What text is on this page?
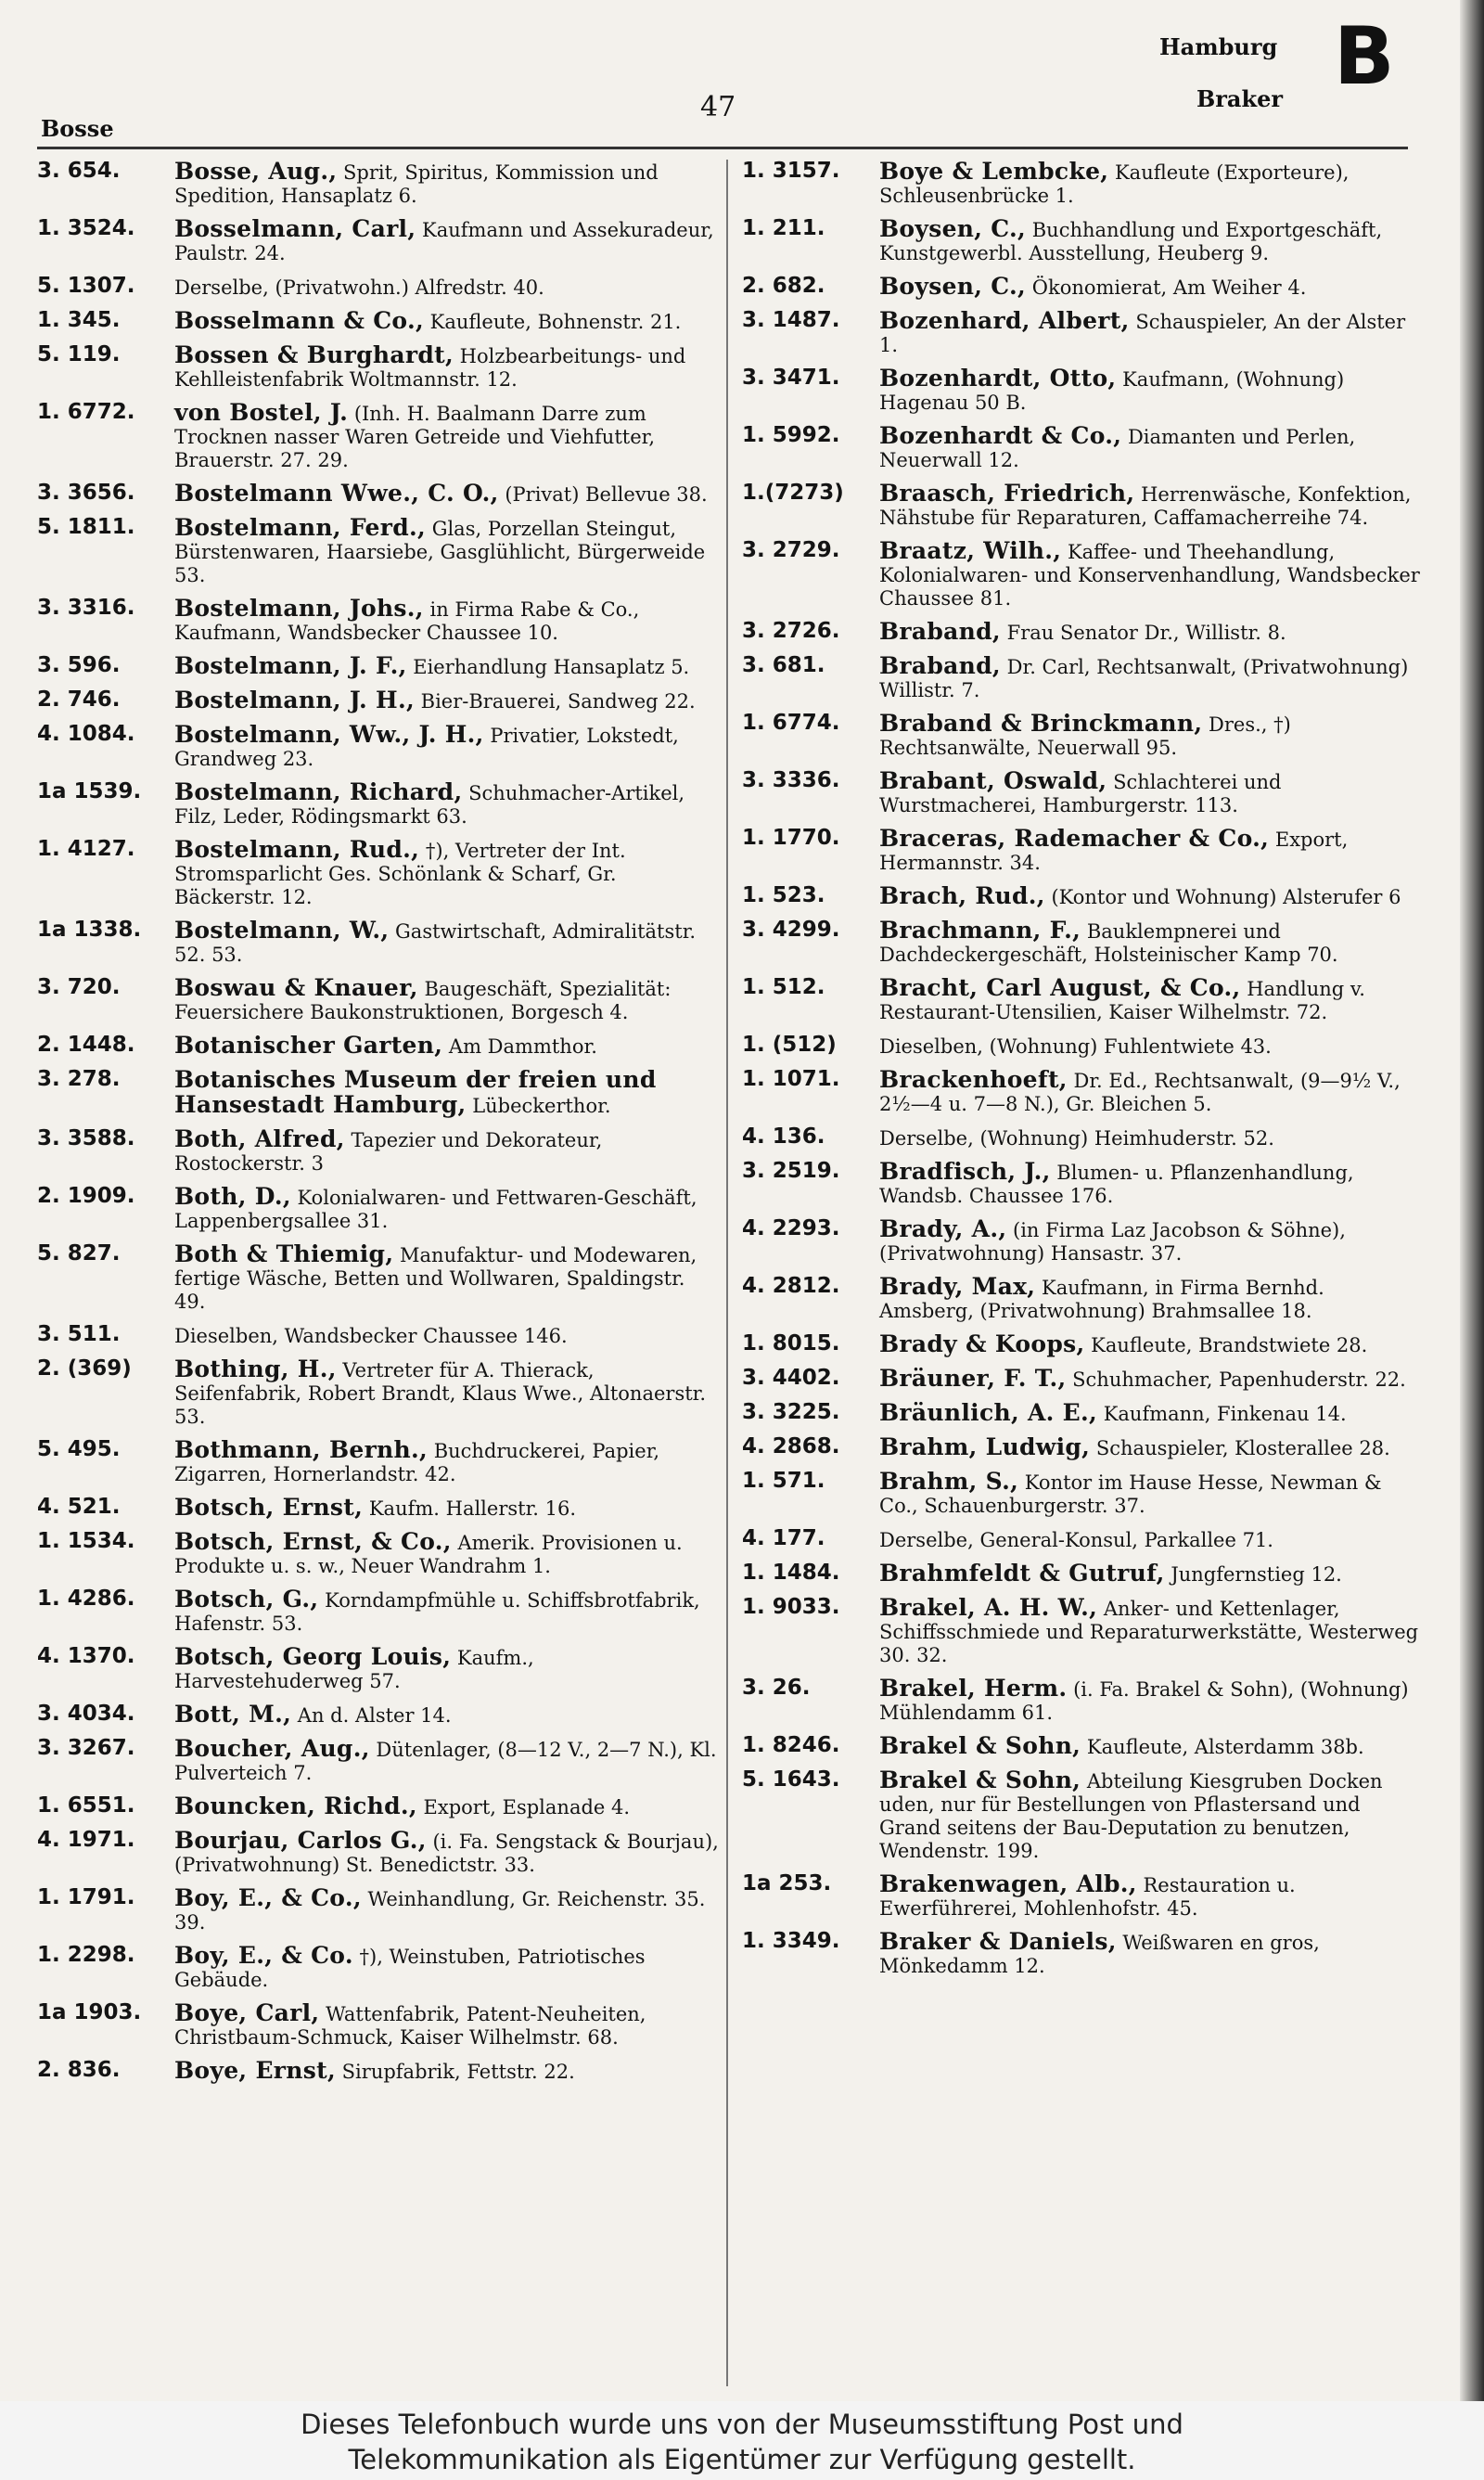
Bosse
47
Hamburg
Braker B
3. 654.	Bosse, Aug., Sprit, Spiritus, Kommission und Spedition, Hansaplatz 6.
1. 3524.	Bosselmann, Carl, Kaufmann und Assekuradeur, Paulstr. 24.
5. 1307.	Derselbe, (Privatwohn.) Alfredstr. 40.
1. 345.	Bosselmann & Co., Kaufleute, Bohnenstr. 21.
5. 119.	Bossen & Burghardt, Holzbearbeitungs- und Kehlleistenfabrik Woltmannstr. 12.
1. 6772.	von Bostel, J. (Inh. H. Baalmann Darre zum Trocknen nasser Waren Getreide und Viehfutter, Brauerstr. 27. 29.
3. 3656.	Bostelmann Wwe., C. O., (Privat) Bellevue 38.
5. 1811.	Bostelmann, Ferd., Glas, Porzellan Steingut, Bürstenwaren, Haarsiebe, Gasglühlicht, Bürgerweide 53.
3. 3316.	Bostelmann, Johs., in Firma Rabe & Co., Kaufmann, Wandsbecker Chaussee 10.
3. 596.	Bostelmann, J. F., Eierhandlung Hansaplatz 5.
2. 746.	Bostelmann, J. H., Bier-Brauerei, Sandweg 22.
4. 1084.	Bostelmann, Ww., J. H., Privatier, Lokstedt, Grandweg 23.
1a 1539.	Bostelmann, Richard, Schuhmacher-Artikel, Filz, Leder, Rödingsmarkt 63.
1. 4127.	Bostelmann, Rud., †), Vertreter der Int. Stromsparlicht Ges. Schönlank & Scharf, Gr. Bäckerstr. 12.
1a 1338.	Bostelmann, W., Gastwirtschaft, Admiralitätstr. 52. 53.
3. 720.	Boswau & Knauer, Baugeschäft, Spezialität: Feuersichere Baukonstruktionen, Borgesch 4.
2. 1448.	Botanischer Garten, Am Dammthor.
3. 278.	Botanisches Museum der freien und Hansestadt Hamburg, Lübeckerthor.
3. 3588.	Both, Alfred, Tapezier und Dekorateur, Rostockerstr. 3
2. 1909.	Both, D., Kolonialwaren- und Fettwaren-Geschäft, Lappenbergsallee 31.
5. 827.	Both & Thiemig, Manufaktur- und Modewaren, fertige Wäsche, Betten und Wollwaren, Spaldingstr. 49.
3. 511.	Dieselben, Wandsbecker Chaussee 146.
2. (369)	Bothing, H., Vertreter für A. Thierack, Seifenfabrik, Robert Brandt, Klaus Wwe., Altonaerstr. 53.
5. 495.	Bothmann, Bernh., Buchdruckerei, Papier, Zigarren, Hornerlandstr. 42.
4. 521.	Botsch, Ernst, Kaufm. Hallerstr. 16.
1. 1534.	Botsch, Ernst, & Co., Amerik. Provisionen u. Produkte u. s. w., Neuer Wandrahm 1.
1. 4286.	Botsch, G., Korndampfmühle u. Schiffsbrotfabrik, Hafenstr. 53.
4. 1370.	Botsch, Georg Louis, Kaufm., Harvestehuderweg 57.
3. 4034.	Bott, M., An d. Alster 14.
3. 3267.	Boucher, Aug., Dütenlager, (8—12 V., 2—7 N.), Kl. Pulverteich 7.
1. 6551.	Bouncken, Richd., Export, Esplanade 4.
4. 1971.	Bourjau, Carlos G., (i. Fa. Sengstack & Bourjau), (Privatwohnung) St. Benedictstr. 33.
1. 1791.	Boy, E., & Co., Weinhandlung, Gr. Reichenstr. 35. 39.
1. 2298.	Boy, E., & Co. †), Weinstuben, Patriotisches Gebäude.
1a 1903.	Boye, Carl, Wattenfabrik, Patent-Neuheiten, Christbaum-Schmuck, Kaiser Wilhelmstr. 68.
2. 836.	Boye, Ernst, Sirupfabrik, Fettstr. 22.
1. 3157.	Boye & Lembcke, Kaufleute (Exporteure), Schleusenbrücke 1.
1. 211.	Boysen, C., Buchhandlung und Exportgeschäft, Kunstgewerbl. Ausstellung, Heuberg 9.
2. 682.	Boysen, C., Ökonomierat, Am Weiher 4.
3. 1487.	Bozenhard, Albert, Schauspieler, An der Alster 1.
3. 3471.	Bozenhardt, Otto, Kaufmann, (Wohnung) Hagenau 50 B.
1. 5992.	Bozenhardt & Co., Diamanten und Perlen, Neuerwall 12.
1.(7273)	Braasch, Friedrich, Herrenwäsche, Konfektion, Nähstube für Reparaturen, Caffamacherreihe 74.
3. 2729.	Braatz, Wilh., Kaffee- und Theehandlung, Kolonialwaren- und Konservenhandlung, Wandsbecker Chaussee 81.
3. 2726.	Braband, Frau Senator Dr., Willistr. 8.
3. 681.	Braband, Dr. Carl, Rechtsanwalt, (Privatwohnung) Willistr. 7.
1. 6774.	Braband & Brinckmann, Dres., †) Rechtsanwälte, Neuerwall 95.
3. 3336.	Brabant, Oswald, Schlachterei und Wurstmacherei, Hamburgerstr. 113.
1. 1770.	Braceras, Rademacher & Co., Export, Hermannstr. 34.
1. 523.	Brach, Rud., (Kontor und Wohnung) Alsterufer 6
3. 4299.	Brachmann, F., Bauklempnerei und Dachdeckergeschäft, Holsteinischer Kamp 70.
1. 512.	Bracht, Carl August, & Co., Handlung v. Restaurant-Utensilien, Kaiser Wilhelmstr. 72.
1. (512)	Dieselben, (Wohnung) Fuhlentwiete 43.
1. 1071.	Brackenhoeft, Dr. Ed., Rechtsanwalt, (9—9½ V., 2½—4 u. 7—8 N.), Gr. Bleichen 5.
4. 136.	Derselbe, (Wohnung) Heimhuderstr. 52.
3. 2519.	Bradfisch, J., Blumen- u. Pflanzenhandlung, Wandsb. Chaussee 176.
4. 2293.	Brady, A., (in Firma Laz Jacobson & Söhne), (Privatwohnung) Hansastr. 37.
4. 2812.	Brady, Max, Kaufmann, in Firma Bernhd. Amsberg, (Privatwohnung) Brahmsallee 18.
1. 8015.	Brady & Koops, Kaufleute, Brandstwiete 28.
3. 4402.	Bräuner, F. T., Schuhmacher, Papenhuderstr. 22.
3. 3225.	Bräunlich, A. E., Kaufmann, Finkenau 14.
4. 2868.	Brahm, Ludwig, Schauspieler, Klosterallee 28.
1. 571.	Brahm, S., Kontor im Hause Hesse, Newman & Co., Schauenburgerstr. 37.
4. 177.	Derselbe, General-Konsul, Parkallee 71.
1. 1484.	Brahmfeldt & Gutruf, Jungfernstieg 12.
1. 9033.	Brakel, A. H. W., Anker- und Kettenlager, Schiffsschmiede und Reparaturwerkstätte, Westerweg 30. 32.
3. 26.	Brakel, Herm. (i. Fa. Brakel & Sohn), (Wohnung) Mühlendamm 61.
1. 8246.	Brakel & Sohn, Kaufleute, Alsterdamm 38b.
5. 1643.	Brakel & Sohn, Abteilung Kiesgruben Docken uden, nur für Bestellungen von Pflastersand und Grand seitens der Bau-Deputation zu benutzen, Wendenstr. 199.
1a 253.	Brakenwagen, Alb., Restauration u. Ewerführerei, Mohlenhofstr. 45.
1. 3349.	Braker & Daniels, Weißwaren en gros, Mönkedamm 12.
Dieses Telefonbuch wurde uns von der Museumsstiftung Post und
Telekommunikation als Eigentümer zur Verfügung gestellt.
